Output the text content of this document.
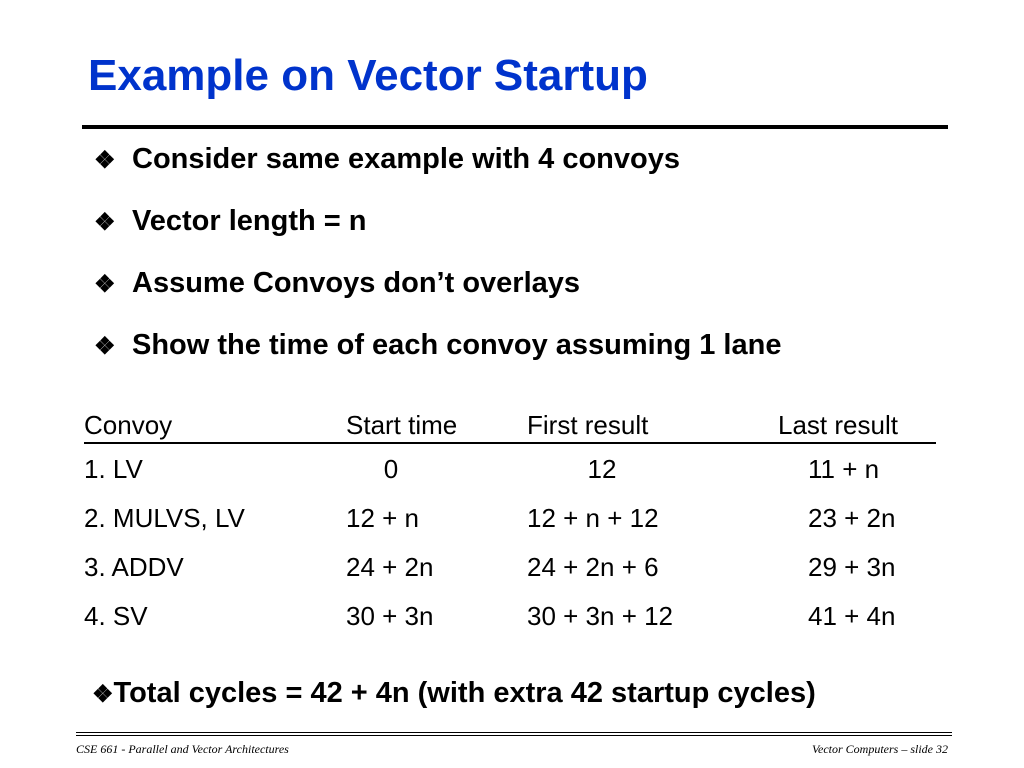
Example on Vector Startup
❖ Consider same example with 4 convoys
❖ Vector length = n
❖ Assume Convoys don’t overlays
❖ Show the time of each convoy assuming 1 lane
Convoy	Start time	First result	Last result
1. LV	0	12	11 + n
2. MULVS, LV	12 + n	12 + n + 12	23 + 2n
3. ADDV	24 + 2n	24 + 2n + 6	29 + 3n
4. SV	30 + 3n	30 + 3n + 12	41 + 4n
❖Total cycles = 42 + 4n (with extra 42 startup cycles)
CSE 661 - Parallel and Vector Architectures	Vector Computers – slide 32
